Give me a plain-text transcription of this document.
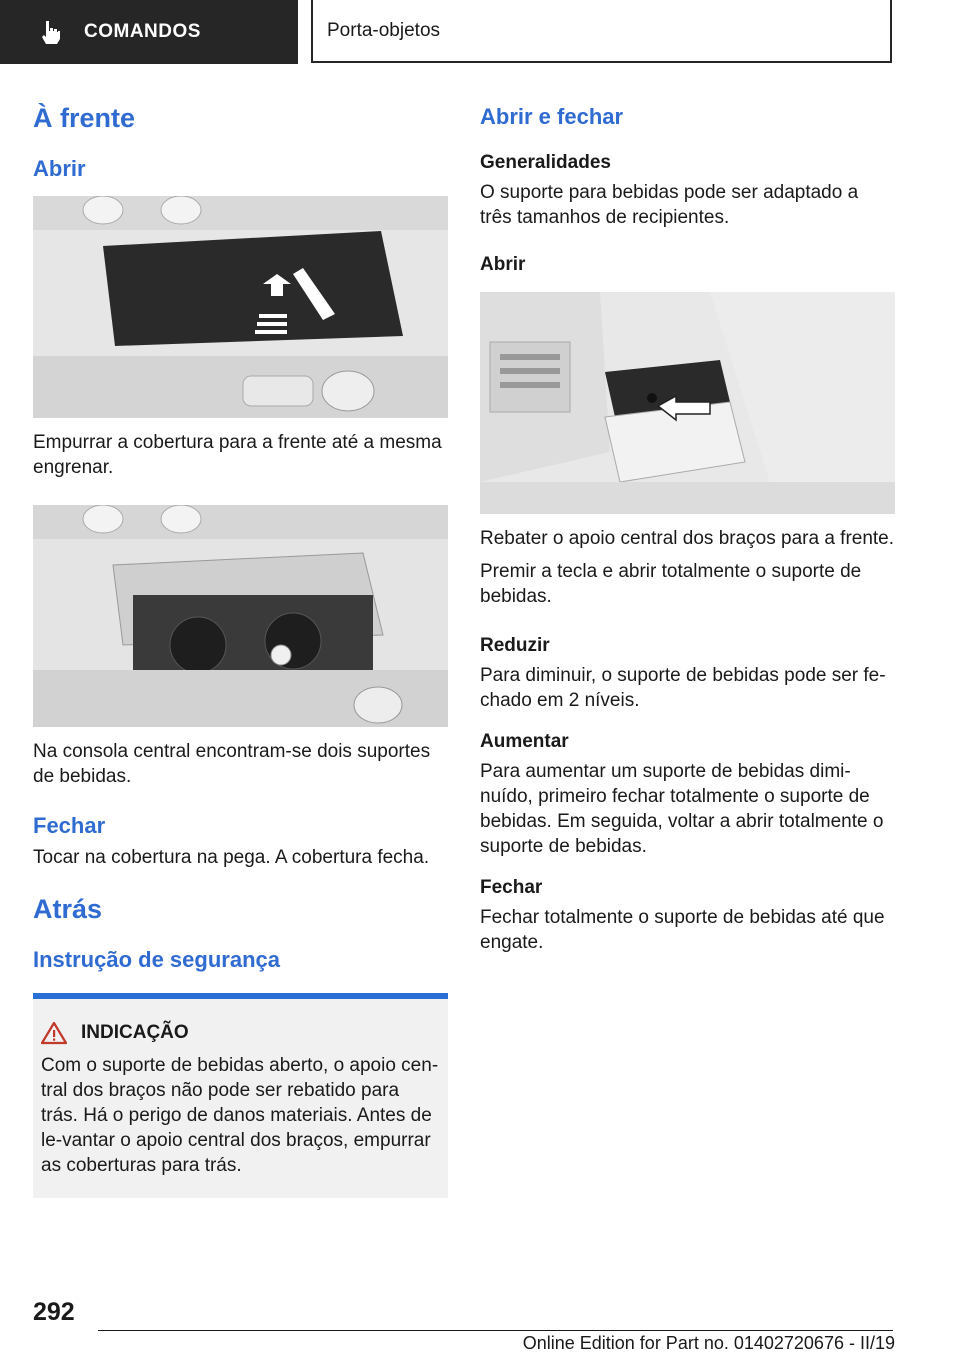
COMANDOS	Porta-objetos
À frente
Abrir

Empurrar a cobertura para a frente até a mesma engrenar.

Na consola central encontram-se dois suportes de bebidas.

Fechar

Tocar na cobertura na pega. A cobertura fecha.

Atrás
Instrução de segurança
INDICAÇÃO

Com o suporte de bebidas aberto, o apoio cen-tral dos braços não pode ser rebatido para trás. Há o perigo de danos materiais. Antes de le-vantar o apoio central dos braços, empurrar as coberturas para trás.

Abrir e fechar
Generalidades

O suporte para bebidas pode ser adaptado a três tamanhos de recipientes.

Abrir

Rebater o apoio central dos braços para a frente.

Premir a tecla e abrir totalmente o suporte de bebidas.

Reduzir

Para diminuir, o suporte de bebidas pode ser fe-chado em 2 níveis.

Aumentar

Para aumentar um suporte de bebidas dimi-nuído, primeiro fechar totalmente o suporte de bebidas. Em seguida, voltar a abrir totalmente o suporte de bebidas.

Fechar

Fechar totalmente o suporte de bebidas até que engate.

292
Online Edition for Part no. 01402720676 - II/19
